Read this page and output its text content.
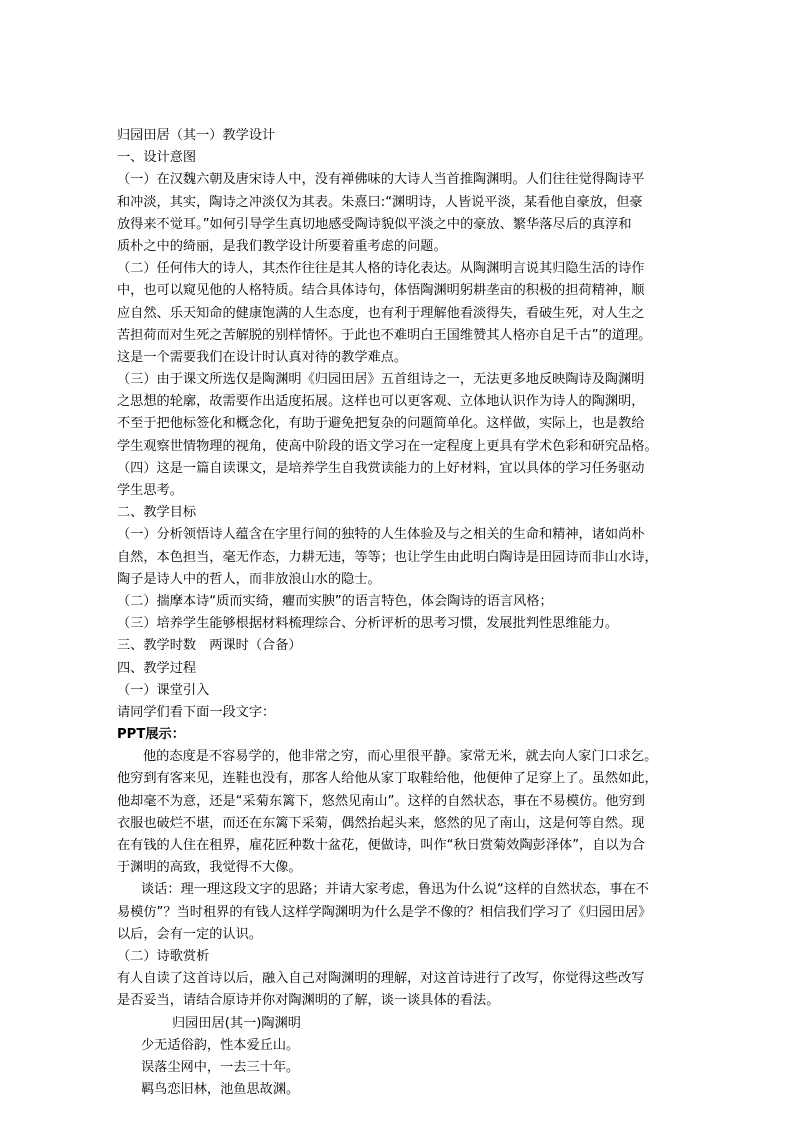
归园田居（其一）教学设计
一、设计意图
（一）在汉魏六朝及唐宋诗人中，没有禅佛味的大诗人当首推陶渊明。人们往往觉得陶诗平
和冲淡，其实，陶诗之冲淡仅为其表。朱熹曰:“渊明诗，人皆说平淡，某看他自豪放，但豪
放得来不觉耳。”如何引导学生真切地感受陶诗貌似平淡之中的豪放、繁华落尽后的真淳和
质朴之中的绮丽，是我们教学设计所要着重考虑的问题。
（二）任何伟大的诗人，其杰作往往是其人格的诗化表达。从陶渊明言说其归隐生活的诗作
中，也可以窥见他的人格特质。结合具体诗句，体悟陶渊明躬耕垄亩的积极的担荷精神，顺
应自然、乐天知命的健康饱满的人生态度，也有利于理解他看淡得失，看破生死，对人生之
苦担荷而对生死之苦解脱的别样情怀。于此也不难明白王国维赞其人格亦自足千古”的道理。
这是一个需要我们在设计时认真对待的教学难点。
（三）由于课文所选仅是陶渊明《归园田居》五首组诗之一，无法更多地反映陶诗及陶渊明
之思想的轮廓，故需要作出适度拓展。这样也可以更客观、立体地认识作为诗人的陶渊明，
不至于把他标签化和概念化，有助于避免把复杂的问题简单化。这样做，实际上，也是教给
学生观察世情物理的视角，使高中阶段的语文学习在一定程度上更具有学术色彩和研究品格。
（四）这是一篇自读课文，是培养学生自我赏读能力的上好材料，宜以具体的学习任务驱动
学生思考。
二、教学目标
（一）分析领悟诗人蕴含在字里行间的独特的人生体验及与之相关的生命和精神，诸如尚朴
自然，本色担当，毫无作态，力耕无违，等等；也让学生由此明白陶诗是田园诗而非山水诗，
陶子是诗人中的哲人，而非放浪山水的隐士。
（二）揣摩本诗“质而实绮，癯而实腴”的语言特色，体会陶诗的语言风格；
（三）培养学生能够根据材料梳理综合、分析评析的思考习惯，发展批判性思维能力。
三、教学时数　两课时（合备）
四、教学过程
（一）课堂引入
请同学们看下面一段文字：
PPT展示：
他的态度是不容易学的，他非常之穷，而心里很平静。家常无米，就去向人家门口求乞。
他穷到有客来见，连鞋也没有，那客人给他从家丁取鞋给他，他便伸了足穿上了。虽然如此，
他却毫不为意，还是“采菊东篱下，悠然见南山”。这样的自然状态，事在不易模仿。他穷到
衣服也破烂不堪，而还在东篱下采菊，偶然抬起头来，悠然的见了南山，这是何等自然。现
在有钱的人住在租界，雇花匠种数十盆花，便做诗，叫作“秋日赏菊效陶彭泽体”，自以为合
于渊明的高致，我觉得不大像。
谈话：理一理这段文字的思路；并请大家考虑，鲁迅为什么说“这样的自然状态，事在不
易模仿”？当时租界的有钱人这样学陶渊明为什么是学不像的？相信我们学习了《归园田居》
以后，会有一定的认识。
（二）诗歌赏析
有人自读了这首诗以后，融入自己对陶渊明的理解，对这首诗进行了改写，你觉得这些改写
是否妥当，请结合原诗并你对陶渊明的了解，谈一谈具体的看法。
归园田居(其一)陶渊明
少无适俗韵，性本爱丘山。
误落尘网中，一去三十年。
羁鸟恋旧林，池鱼思故渊。
